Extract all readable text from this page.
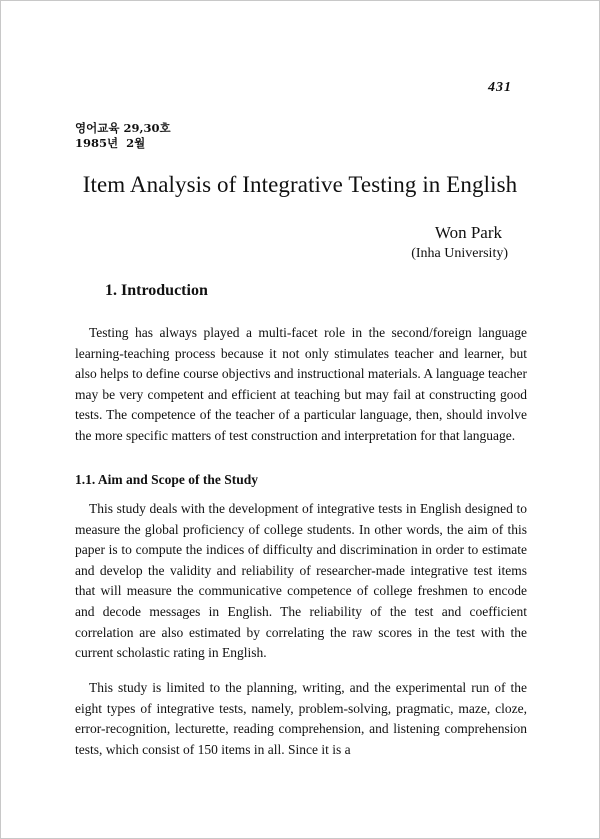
431
영어교육 29,30호
1985년  2월
Item Analysis of Integrative Testing in English
Won Park
(Inha University)
1. Introduction

Testing has always played a multi-facet role in the second/foreign language learning-teaching process because it not only stimulates teacher and learner, but also helps to define course objectivs and instructional materials. A language teacher may be very competent and efficient at teaching but may fail at constructing good tests. The competence of the teacher of a particular language, then, should involve the more specific matters of test construction and interpretation for that language.

1.1. Aim and Scope of the Study

This study deals with the development of integrative tests in English designed to measure the global proficiency of college students. In other words, the aim of this paper is to compute the indices of difficulty and discrimination in order to estimate and develop the validity and reliability of researcher-made integrative test items that will measure the communicative competence of college freshmen to encode and decode messages in English. The reliability of the test and coefficient correlation are also estimated by correlating the raw scores in the test with the current scholastic rating in English.

This study is limited to the planning, writing, and the experimental run of the eight types of integrative tests, namely, problem-solving, pragmatic, maze, cloze, error-recognition, lecturette, reading comprehension, and listening comprehension tests, which consist of 150 items in all. Since it is a
